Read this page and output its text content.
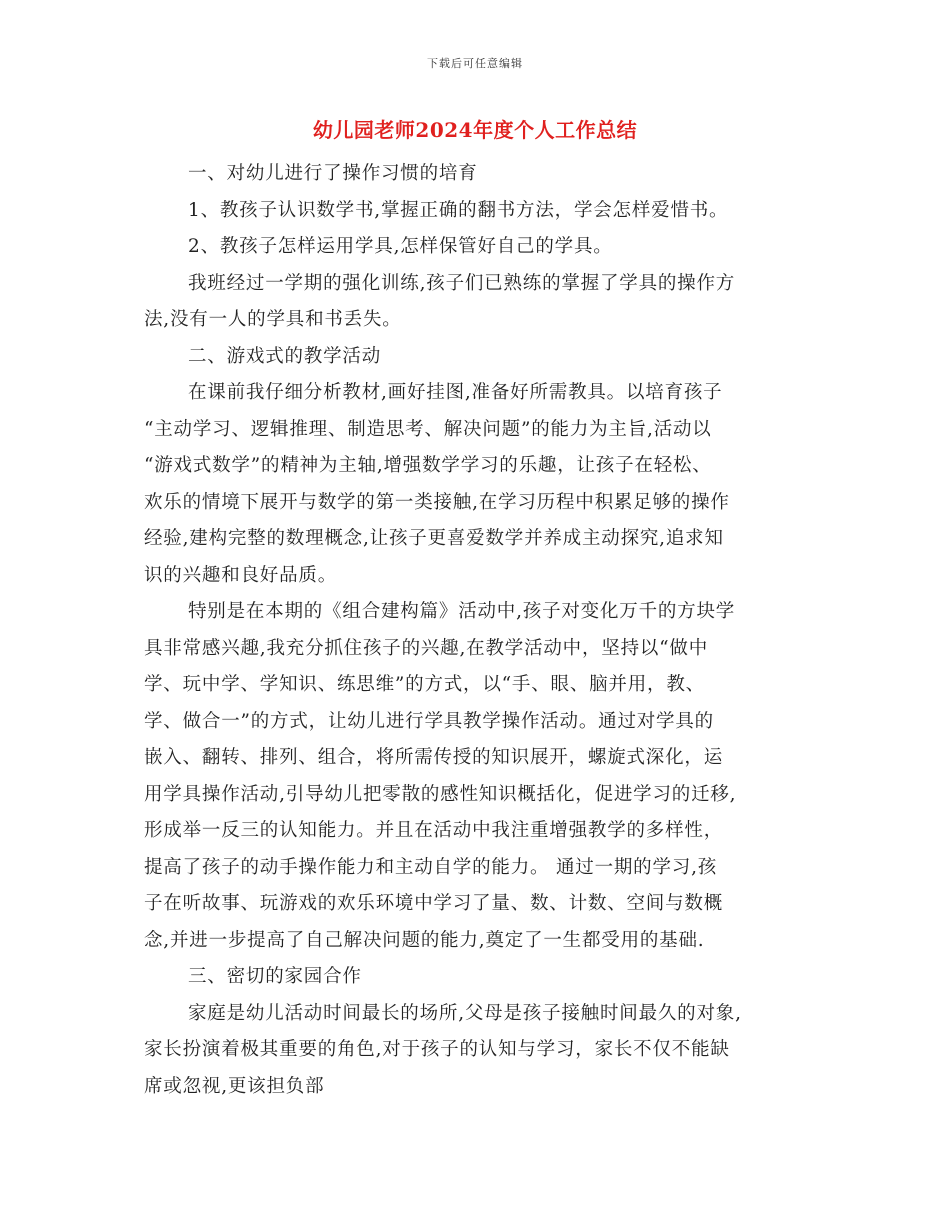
下载后可任意编辑
幼儿园老师2024年度个人工作总结
一、对幼儿进行了操作习惯的培育
1、教孩子认识数学书,掌握正确的翻书方法，学会怎样爱惜书。
2、教孩子怎样运用学具,怎样保管好自己的学具。
我班经过一学期的强化训练,孩子们已熟练的掌握了学具的操作方
法,没有一人的学具和书丢失。
二、游戏式的教学活动
在课前我仔细分析教材,画好挂图,准备好所需教具。以培育孩子
“主动学习、逻辑推理、制造思考、解决问题”的能力为主旨,活动以
“游戏式数学”的精神为主轴,增强数学学习的乐趣，让孩子在轻松、
欢乐的情境下展开与数学的第一类接触,在学习历程中积累足够的操作
经验,建构完整的数理概念,让孩子更喜爱数学并养成主动探究,追求知
识的兴趣和良好品质。
特别是在本期的《组合建构篇》活动中,孩子对变化万千的方块学
具非常感兴趣,我充分抓住孩子的兴趣,在教学活动中，坚持以“做中
学、玩中学、学知识、练思维”的方式，以“手、眼、脑并用，教、
学、做合一”的方式，让幼儿进行学具教学操作活动。通过对学具的
嵌入、翻转、排列、组合，将所需传授的知识展开，螺旋式深化，运
用学具操作活动,引导幼儿把零散的感性知识概括化，促进学习的迁移,
形成举一反三的认知能力。并且在活动中我注重增强教学的多样性，
提高了孩子的动手操作能力和主动自学的能力。 通过一期的学习,孩
子在听故事、玩游戏的欢乐环境中学习了量、数、计数、空间与数概
念,并进一步提高了自己解决问题的能力,奠定了一生都受用的基础.
三、密切的家园合作
家庭是幼儿活动时间最长的场所,父母是孩子接触时间最久的对象,
家长扮演着极其重要的角色,对于孩子的认知与学习，家长不仅不能缺
席或忽视,更该担负部
